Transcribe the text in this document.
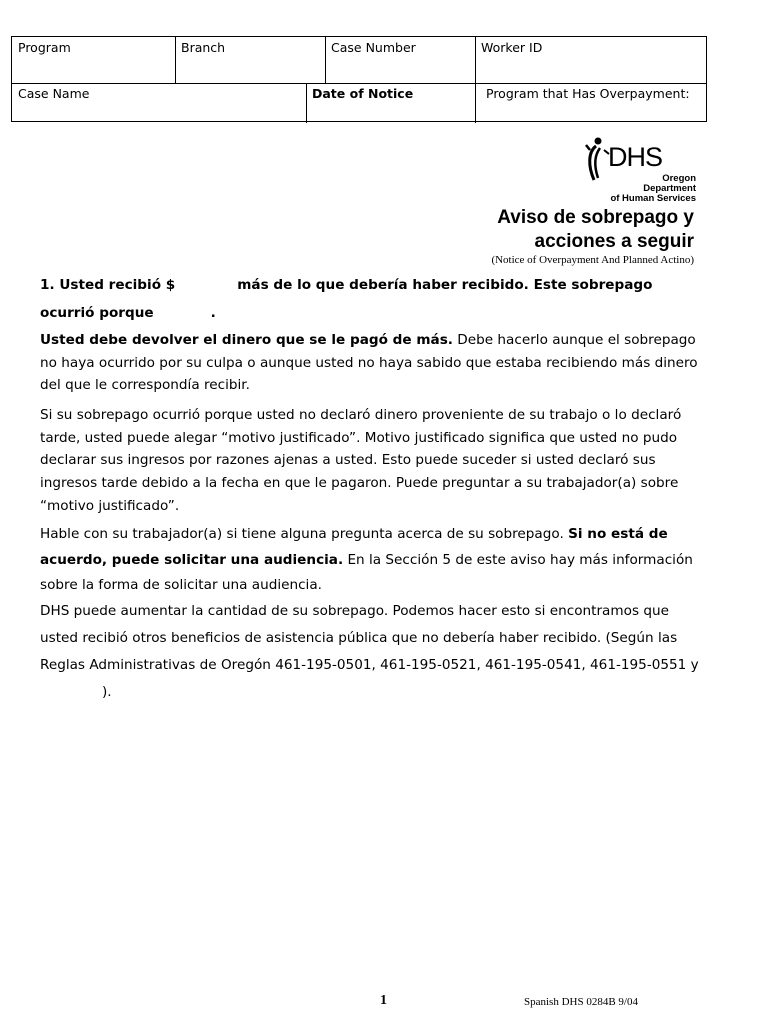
Program	Branch	Case Number	Worker ID
Case Name	Date of Notice	Program that Has Overpayment:
DHS
Oregon Department
of Human Services
Aviso de sobrepago y
acciones a seguir
(Notice of Overpayment And Planned Actino)
1. Usted recibió $	más de lo que debería haber recibido. Este sobrepago
ocurrió porque	.
Usted debe devolver el dinero que se le pagó de más. Debe hacerlo aunque el sobrepago no haya ocurrido por su culpa o aunque usted no haya sabido que estaba recibiendo más dinero del que le correspondía recibir.
Si su sobrepago ocurrió porque usted no declaró dinero proveniente de su trabajo o lo declaró tarde, usted puede alegar “motivo justificado”. Motivo justificado significa que usted no pudo declarar sus ingresos por razones ajenas a usted. Esto puede suceder si usted declaró sus ingresos tarde debido a la fecha en que le pagaron. Puede preguntar a su trabajador(a) sobre “motivo justificado”.
Hable con su trabajador(a) si tiene alguna pregunta acerca de su sobrepago. Si no está de acuerdo, puede solicitar una audiencia. En la Sección 5 de este aviso hay más información sobre la forma de solicitar una audiencia.
DHS puede aumentar la cantidad de su sobrepago. Podemos hacer esto si encontramos que usted recibió otros beneficios de asistencia pública que no debería haber recibido. (Según las Reglas Administrativas de Oregón 461-195-0501, 461-195-0521, 461-195-0541, 461-195-0551 y).
1	Spanish DHS 0284B 9/04
